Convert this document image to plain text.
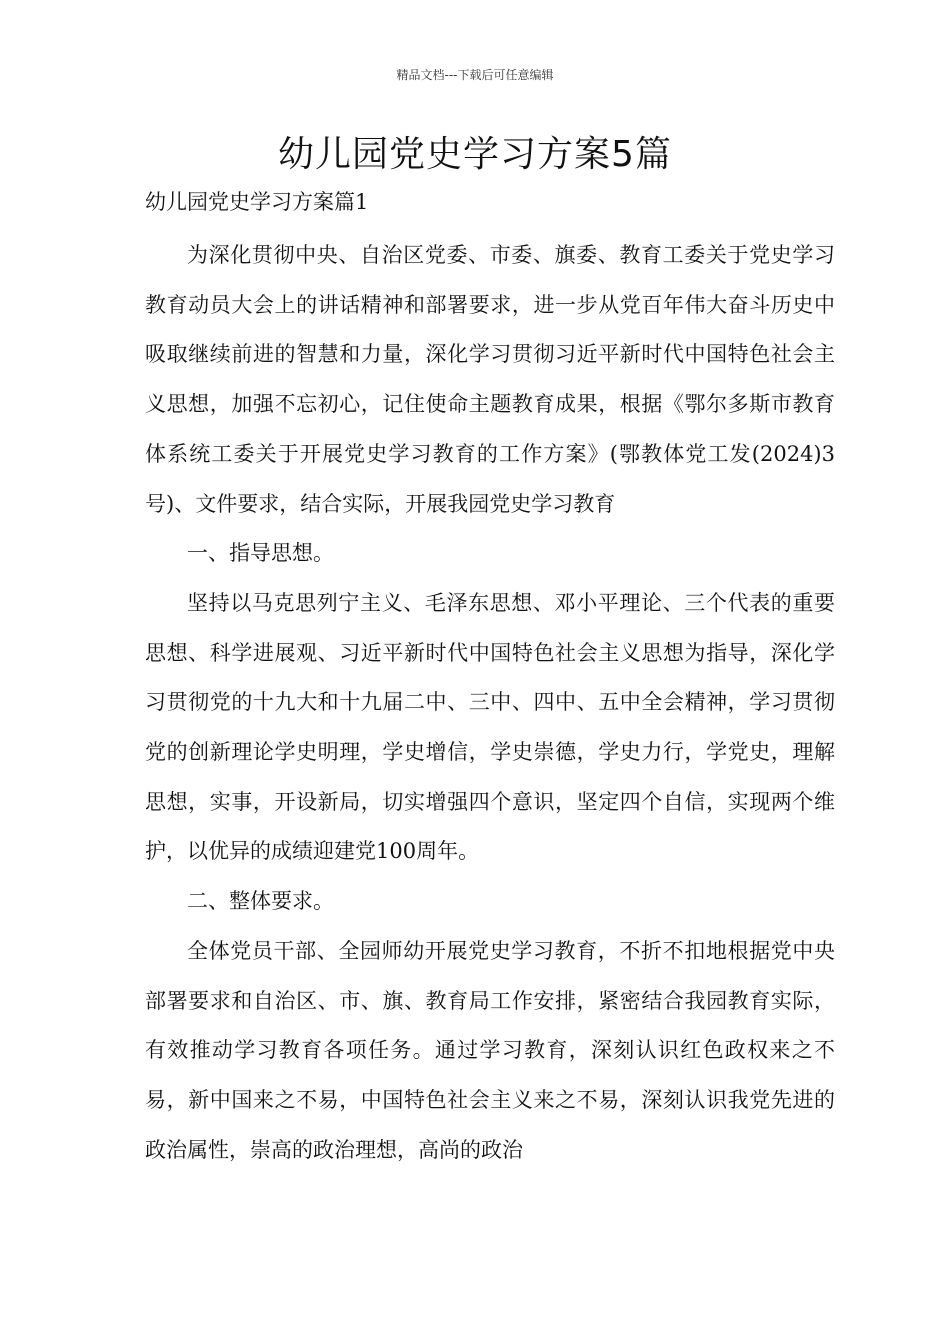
精品文档---下载后可任意编辑
幼儿园党史学习方案5篇

幼儿园党史学习方案篇1

为深化贯彻中央、自治区党委、市委、旗委、教育工委关于党史学习教育动员大会上的讲话精神和部署要求，进一步从党百年伟大奋斗历史中吸取继续前进的智慧和力量，深化学习贯彻习近平新时代中国特色社会主义思想，加强不忘初心，记住使命主题教育成果，根据《鄂尔多斯市教育体系统工委关于开展党史学习教育的工作方案》(鄂教体党工发(2024)3号)、文件要求，结合实际，开展我园党史学习教育

一、指导思想。

坚持以马克思列宁主义、毛泽东思想、邓小平理论、三个代表的重要思想、科学进展观、习近平新时代中国特色社会主义思想为指导，深化学习贯彻党的十九大和十九届二中、三中、四中、五中全会精神，学习贯彻党的创新理论学史明理，学史增信，学史崇德，学史力行，学党史，理解思想，实事，开设新局，切实增强四个意识，坚定四个自信，实现两个维护，以优异的成绩迎建党100周年。

二、整体要求。

全体党员干部、全园师幼开展党史学习教育，不折不扣地根据党中央部署要求和自治区、市、旗、教育局工作安排，紧密结合我园教育实际，有效推动学习教育各项任务。通过学习教育，深刻认识红色政权来之不易，新中国来之不易，中国特色社会主义来之不易，深刻认识我党先进的政治属性，崇高的政治理想，高尚的政治
